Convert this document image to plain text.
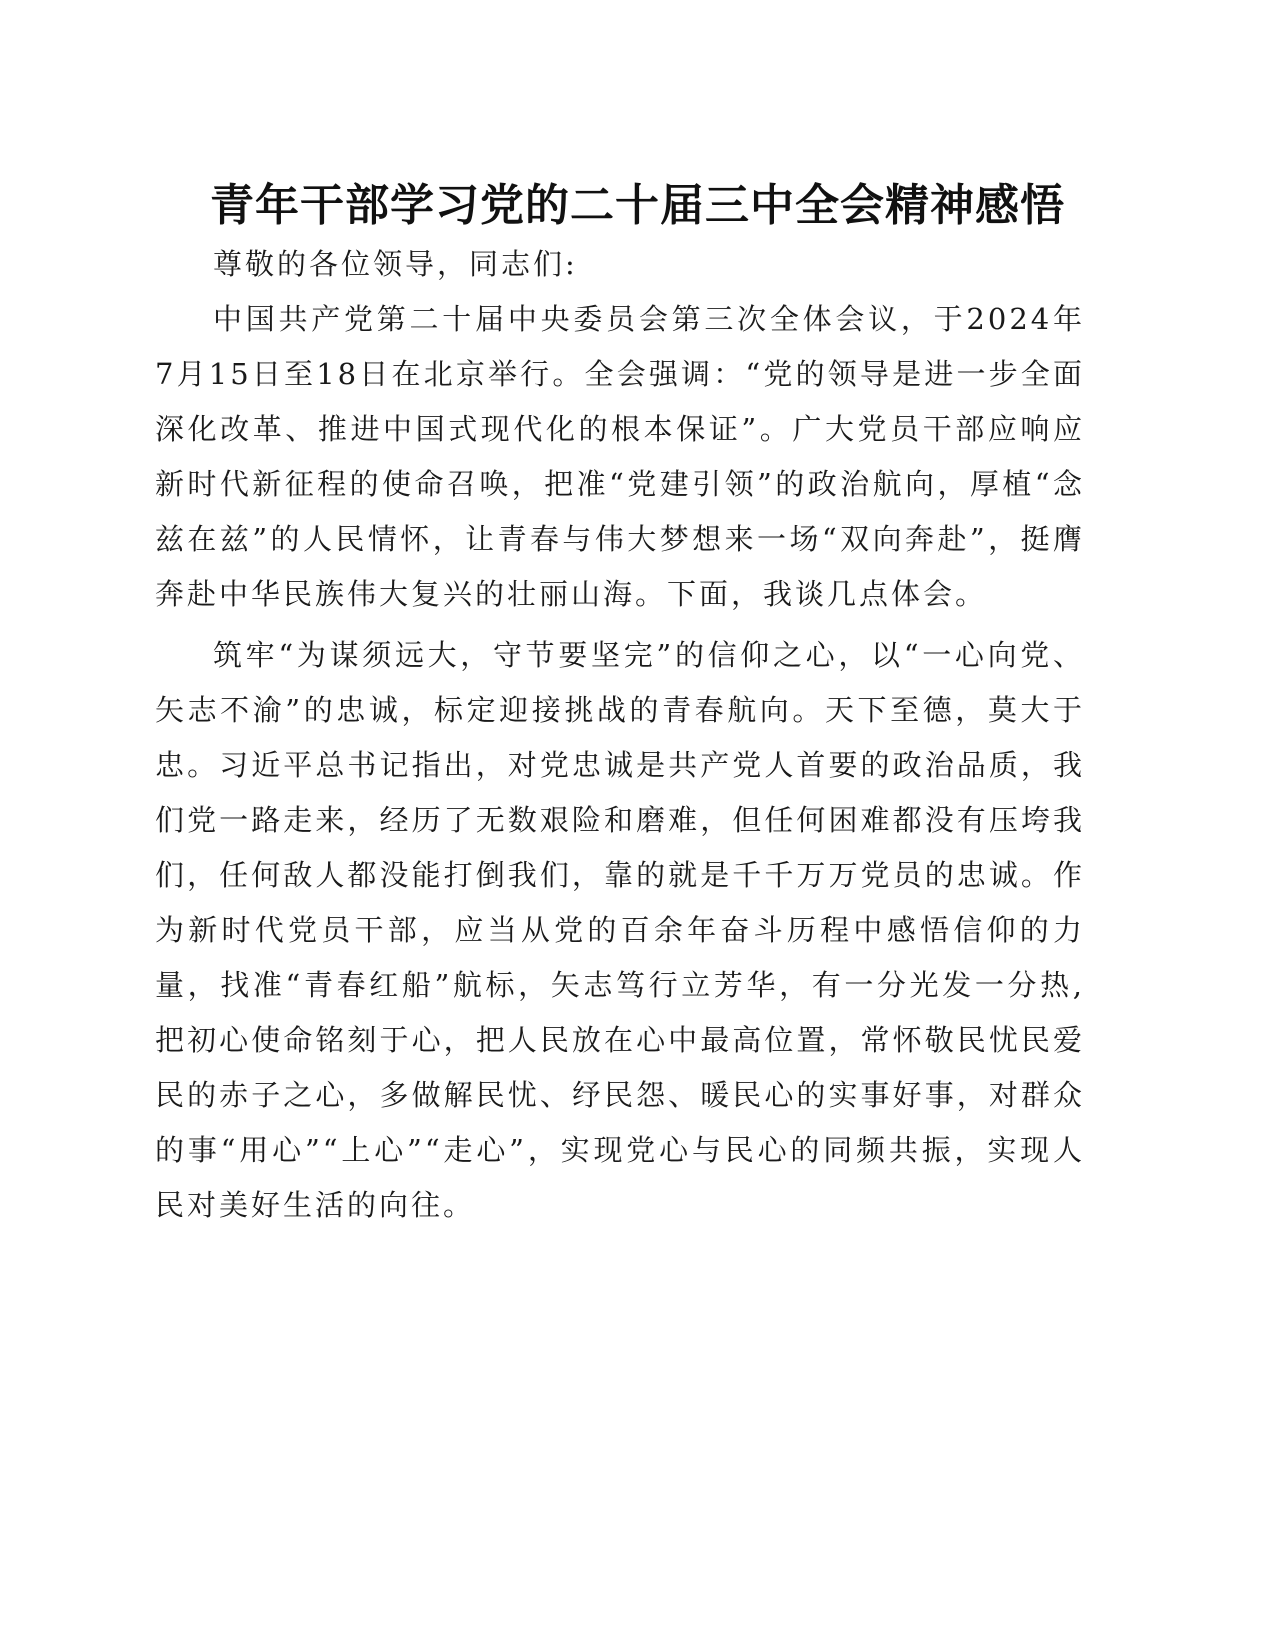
青年干部学习党的二十届三中全会精神感悟

尊敬的各位领导，同志们:

中国共产党第二十届中央委员会第三次全体会议，于2024年7月15日至18日在北京举行。全会强调：“党的领导是进一步全面深化改革、推进中国式现代化的根本保证”。广大党员干部应响应新时代新征程的使命召唤，把准“党建引领”的政治航向，厚植“念兹在兹”的人民情怀，让青春与伟大梦想来一场“双向奔赴”，挺膺奔赴中华民族伟大复兴的壮丽山海。下面，我谈几点体会。

筑牢“为谋须远大，守节要坚完”的信仰之心，以“一心向党、矢志不渝”的忠诚，标定迎接挑战的青春航向。天下至德，莫大于忠。习近平总书记指出，对党忠诚是共产党人首要的政治品质，我们党一路走来，经历了无数艰险和磨难，但任何困难都没有压垮我们，任何敌人都没能打倒我们，靠的就是千千万万党员的忠诚。作为新时代党员干部，应当从党的百余年奋斗历程中感悟信仰的力量，找准“青春红船”航标，矢志笃行立芳华，有一分光发一分热,把初心使命铭刻于心，把人民放在心中最高位置，常怀敬民忧民爱民的赤子之心，多做解民忧、纾民怨、暖民心的实事好事，对群众的事“用心”“上心”“走心”，实现党心与民心的同频共振，实现人民对美好生活的向往。
